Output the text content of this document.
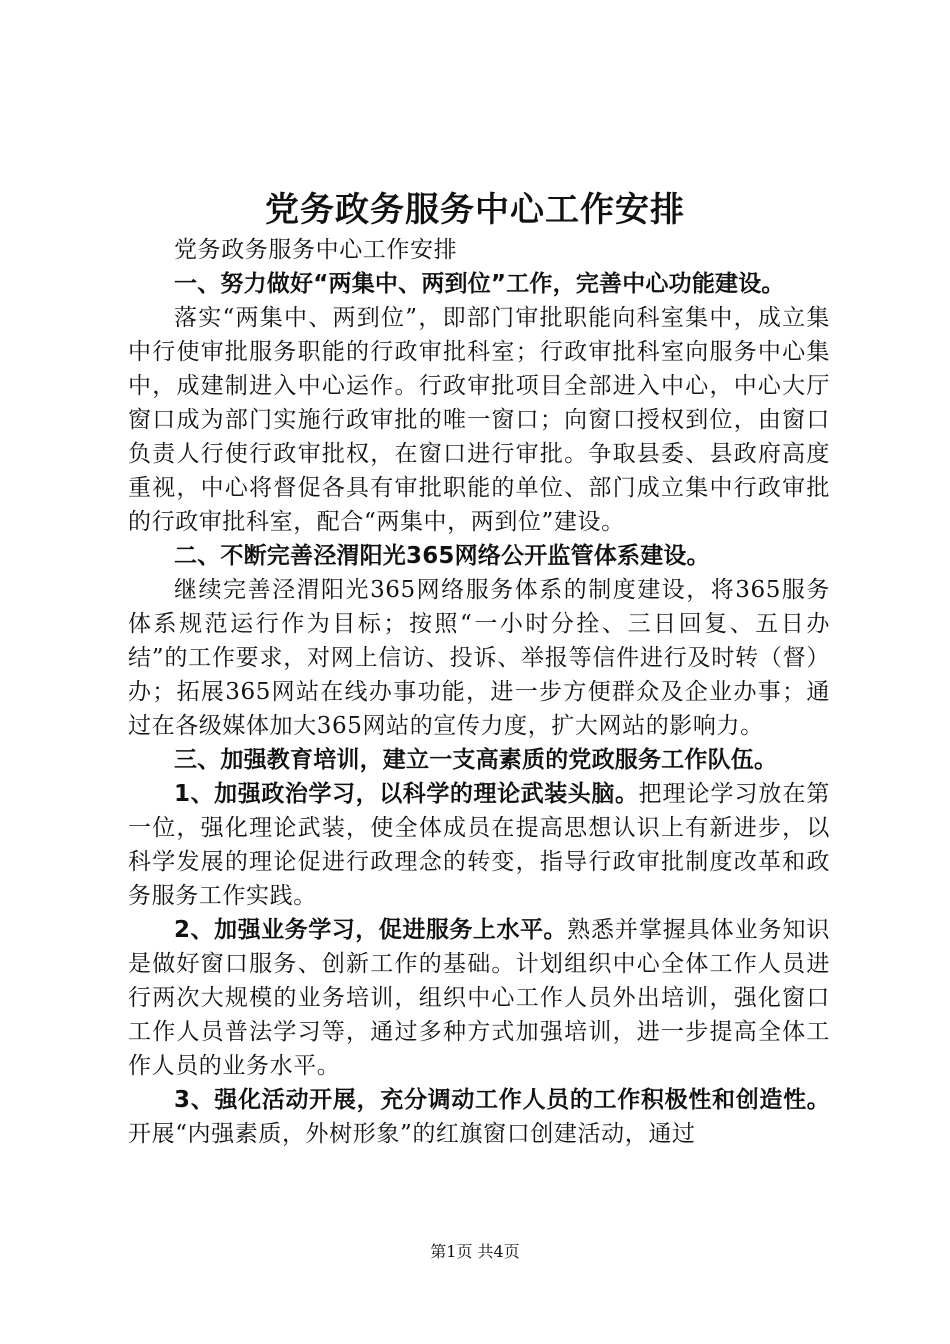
党务政务服务中心工作安排

党务政务服务中心工作安排

一、努力做好“两集中、两到位”工作，完善中心功能建设。

落实“两集中、两到位”，即部门审批职能向科室集中，成立集中行使审批服务职能的行政审批科室；行政审批科室向服务中心集中，成建制进入中心运作。行政审批项目全部进入中心，中心大厅窗口成为部门实施行政审批的唯一窗口；向窗口授权到位，由窗口负责人行使行政审批权，在窗口进行审批。争取县委、县政府高度重视，中心将督促各具有审批职能的单位、部门成立集中行政审批的行政审批科室，配合“两集中，两到位”建设。

二、不断完善泾渭阳光365网络公开监管体系建设。

继续完善泾渭阳光365网络服务体系的制度建设，将365服务体系规范运行作为目标；按照“一小时分拴、三日回复、五日办结”的工作要求，对网上信访、投诉、举报等信件进行及时转（督）办；拓展365网站在线办事功能，进一步方便群众及企业办事；通过在各级媒体加大365网站的宣传力度，扩大网站的影响力。

三、加强教育培训，建立一支高素质的党政服务工作队伍。

1、加强政治学习，以科学的理论武装头脑。把理论学习放在第一位，强化理论武装，使全体成员在提高思想认识上有新进步，以科学发展的理论促进行政理念的转变，指导行政审批制度改革和政务服务工作实践。

2、加强业务学习，促进服务上水平。熟悉并掌握具体业务知识是做好窗口服务、创新工作的基础。计划组织中心全体工作人员进行两次大规模的业务培训，组织中心工作人员外出培训，强化窗口工作人员普法学习等，通过多种方式加强培训，进一步提高全体工作人员的业务水平。

3、强化活动开展，充分调动工作人员的工作积极性和创造性。开展“内强素质，外树形象”的红旗窗口创建活动，通过

第1页 共4页
